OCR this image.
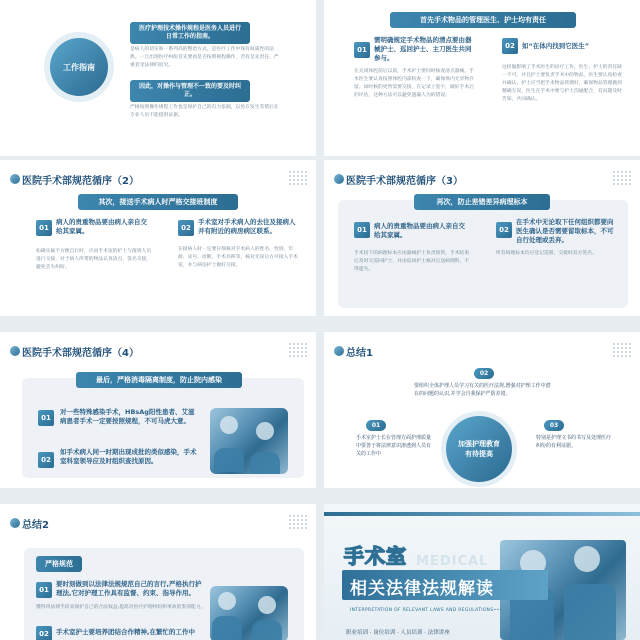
工作指南
医疗护理技术操作规程是医务人员进行日常工作的指南。
是病人的切实和一系列高的整治方式，是医疗工作中保有权威性的法典。一旦出现医疗纠纷首先要看是否按照规程操作，若有是先责任，严重者受法律的追究。
因此，对操作与管理不一致的要及时纠正。
严格按照操作规程工作也是保护自己的有力依据，以免在发生差错后在专业人员不能提供证据。
首先手术物品的管理医生、护士均有责任
01
需明确规定手术物品的清点要由器械护士、巡回护士、主刀医生共同参与。
在关闭体腔前后以前，手术护士要同时核查清点器械，手术医生要认真按照体腔内部检查一下，确保体内无异物存留。如时候的更替需要交接，在记录上签字，做好手术后的评估，这种方法可以避免遗漏人为的错误。
02	如“在体内找到它医生”
这样做影响了手术医生的诊疗工作，医生、护士的责任缺一不可，并且护士要负责手术中的物品，医生要认真检查并确认。护士应当把手术物品管理好，确保物品管理做到精确无误，医生在手术中要与护士沟通配合，有问题及时告知，共同确认。
医院手术部规范循序（2）
其次，接送手术病人时严格交接班制度
01
病人的贵重物品要由病人亲自交给其家属。
如确实属不方便自行时，应由手术室的护士与值班人员进行交接，对于病人所带的物品认真清点，签名交接，避免丢失纠纷。
02
手术室对手术病人的去往及接病人并有附近的病房病区联系。
在接病人时一定要仔细核对手术病人的姓名、性别、年龄、床号、诊断、手术名称等，核对无误后方可接入手术室，并与病房护士做好交接。
医院手术部规范循序（3）
再次，防止差错差异病理标本
01	病人的贵重物品要由病人亲自交给其家属。
手术切下的病理标本应由器械护士负责保管，手术结束后及时交巡回护士，并由巡回护士核对后送病理科，不得遗失。
02
在手术中无论取下任何组织都要向医生确认是否需要留取标本，不可自行处理或丢弃。
所有病理标本均应登记造册，交接时双方签名。
医院手术部规范循序（4）
最后，严格消毒隔离制度，防止院内感染
01
对一些特殊感染手术，HBsAg阳性患者、艾滋病患者手术一定要按照规程，不可马虎大意。
02
如手术病人同一时期出现成批的类似感染，手术室科室领导应及时组织查找原因。
总结1
02
要组织全体护理人员学习有关的医疗法规,增强对护理工作中潜在的问题的认识,并学会自我保护严防差错。
01
手术室护士长在管理方面护理质量中要善于将法律意识渗透到人员有关的工作中
加强护理教育有待提高
03
特别是护理文书的书写及处理医疗纠纷的有利证据。
总结2
严格规范
01
要时刻做到以法律法规规范自己的言行,严格执行护理法,它对护理工作具有监督、约束、指导作用。
懂得用法律手段来保护自己的合法权益,提高对医疗护理纠纷和事故的鉴别能力。
02	手术室护士要培养团结合作精神,在繁忙的工作中
MEDICAL
手术室
相关法律法规解读
INTERPRETATION OF RELEVANT LAWS AND REGULATIONS•••
职业培训 · 岗位培训 · 人员培训 · 法律讲座
